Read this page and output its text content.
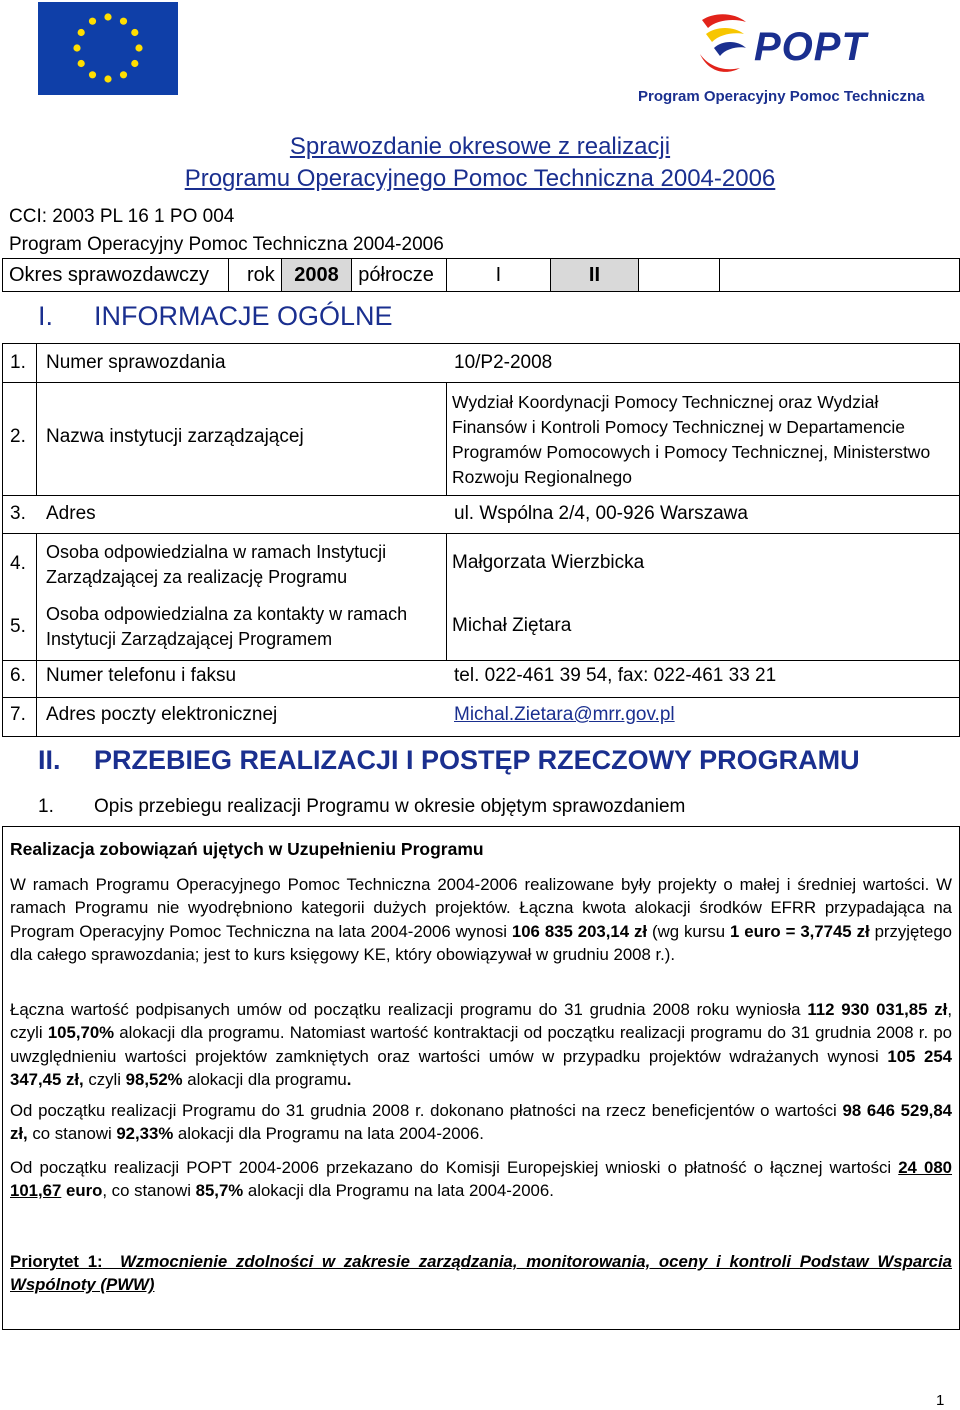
POPT
Program Operacyjny Pomoc Techniczna
Sprawozdanie okresowe z realizacji
Programu Operacyjnego Pomoc Techniczna 2004-2006
CCI: 2003 PL 16 1 PO 004
Program Operacyjny Pomoc Techniczna 2004-2006
Okres sprawozdawczy	rok	2008	półrocze	I	II		
I. INFORMACJE OGÓLNE
1. Numer sprawozdania	10/P2-2008
2. Nazwa instytucji zarządzającej
Wydział Koordynacji Pomocy Technicznej oraz Wydział Finansów i Kontroli Pomocy Technicznej w Departamencie Programów Pomocowych i Pomocy Technicznej, Ministerstwo Rozwoju Regionalnego
3. Adres	ul. Wspólna 2/4, 00-926 Warszawa
4.
Osoba odpowiedzialna w ramach Instytucji Zarządzającej za realizację Programu
Małgorzata Wierzbicka
5.
Osoba odpowiedzialna za kontakty w ramach Instytucji Zarządzającej Programem
Michał Ziętara
6. Numer telefonu i faksu	tel. 022-461 39 54, fax: 022-461 33 21
7. Adres poczty elektronicznej	Michal.Zietara@mrr.gov.pl
II. PRZEBIEG REALIZACJI I POSTĘP RZECZOWY PROGRAMU
1. Opis przebiegu realizacji Programu w okresie objętym sprawozdaniem
Realizacja zobowiązań ujętych w Uzupełnieniu Programu
W ramach Programu Operacyjnego Pomoc Techniczna 2004-2006 realizowane były projekty o małej i średniej wartości. W ramach Programu nie wyodrębniono kategorii dużych projektów. Łączna kwota alokacji środków EFRR przypadająca na Program Operacyjny Pomoc Techniczna na lata 2004-2006 wynosi 106 835 203,14 zł (wg kursu 1 euro = 3,7745 zł przyjętego dla całego sprawozdania; jest to kurs księgowy KE, który obowiązywał w grudniu 2008 r.).
Łączna wartość podpisanych umów od początku realizacji programu do 31 grudnia 2008 roku wyniosła 112 930 031,85 zł, czyli 105,70% alokacji dla programu. Natomiast wartość kontraktacji od początku realizacji programu do 31 grudnia 2008 r. po uwzględnieniu wartości projektów zamkniętych oraz wartości umów w przypadku projektów wdrażanych wynosi 105 254 347,45 zł, czyli 98,52% alokacji dla programu.
Od początku realizacji Programu do 31 grudnia 2008 r. dokonano płatności na rzecz beneficjentów o wartości 98 646 529,84 zł, co stanowi 92,33% alokacji dla Programu na lata 2004-2006.
Od początku realizacji POPT 2004-2006 przekazano do Komisji Europejskiej wnioski o płatność o łącznej wartości 24 080 101,67 euro, co stanowi 85,7% alokacji dla Programu na lata 2004-2006.
Priorytet 1: Wzmocnienie zdolności w zakresie zarządzania, monitorowania, oceny i kontroli Podstaw Wsparcia Wspólnoty (PWW)
1
